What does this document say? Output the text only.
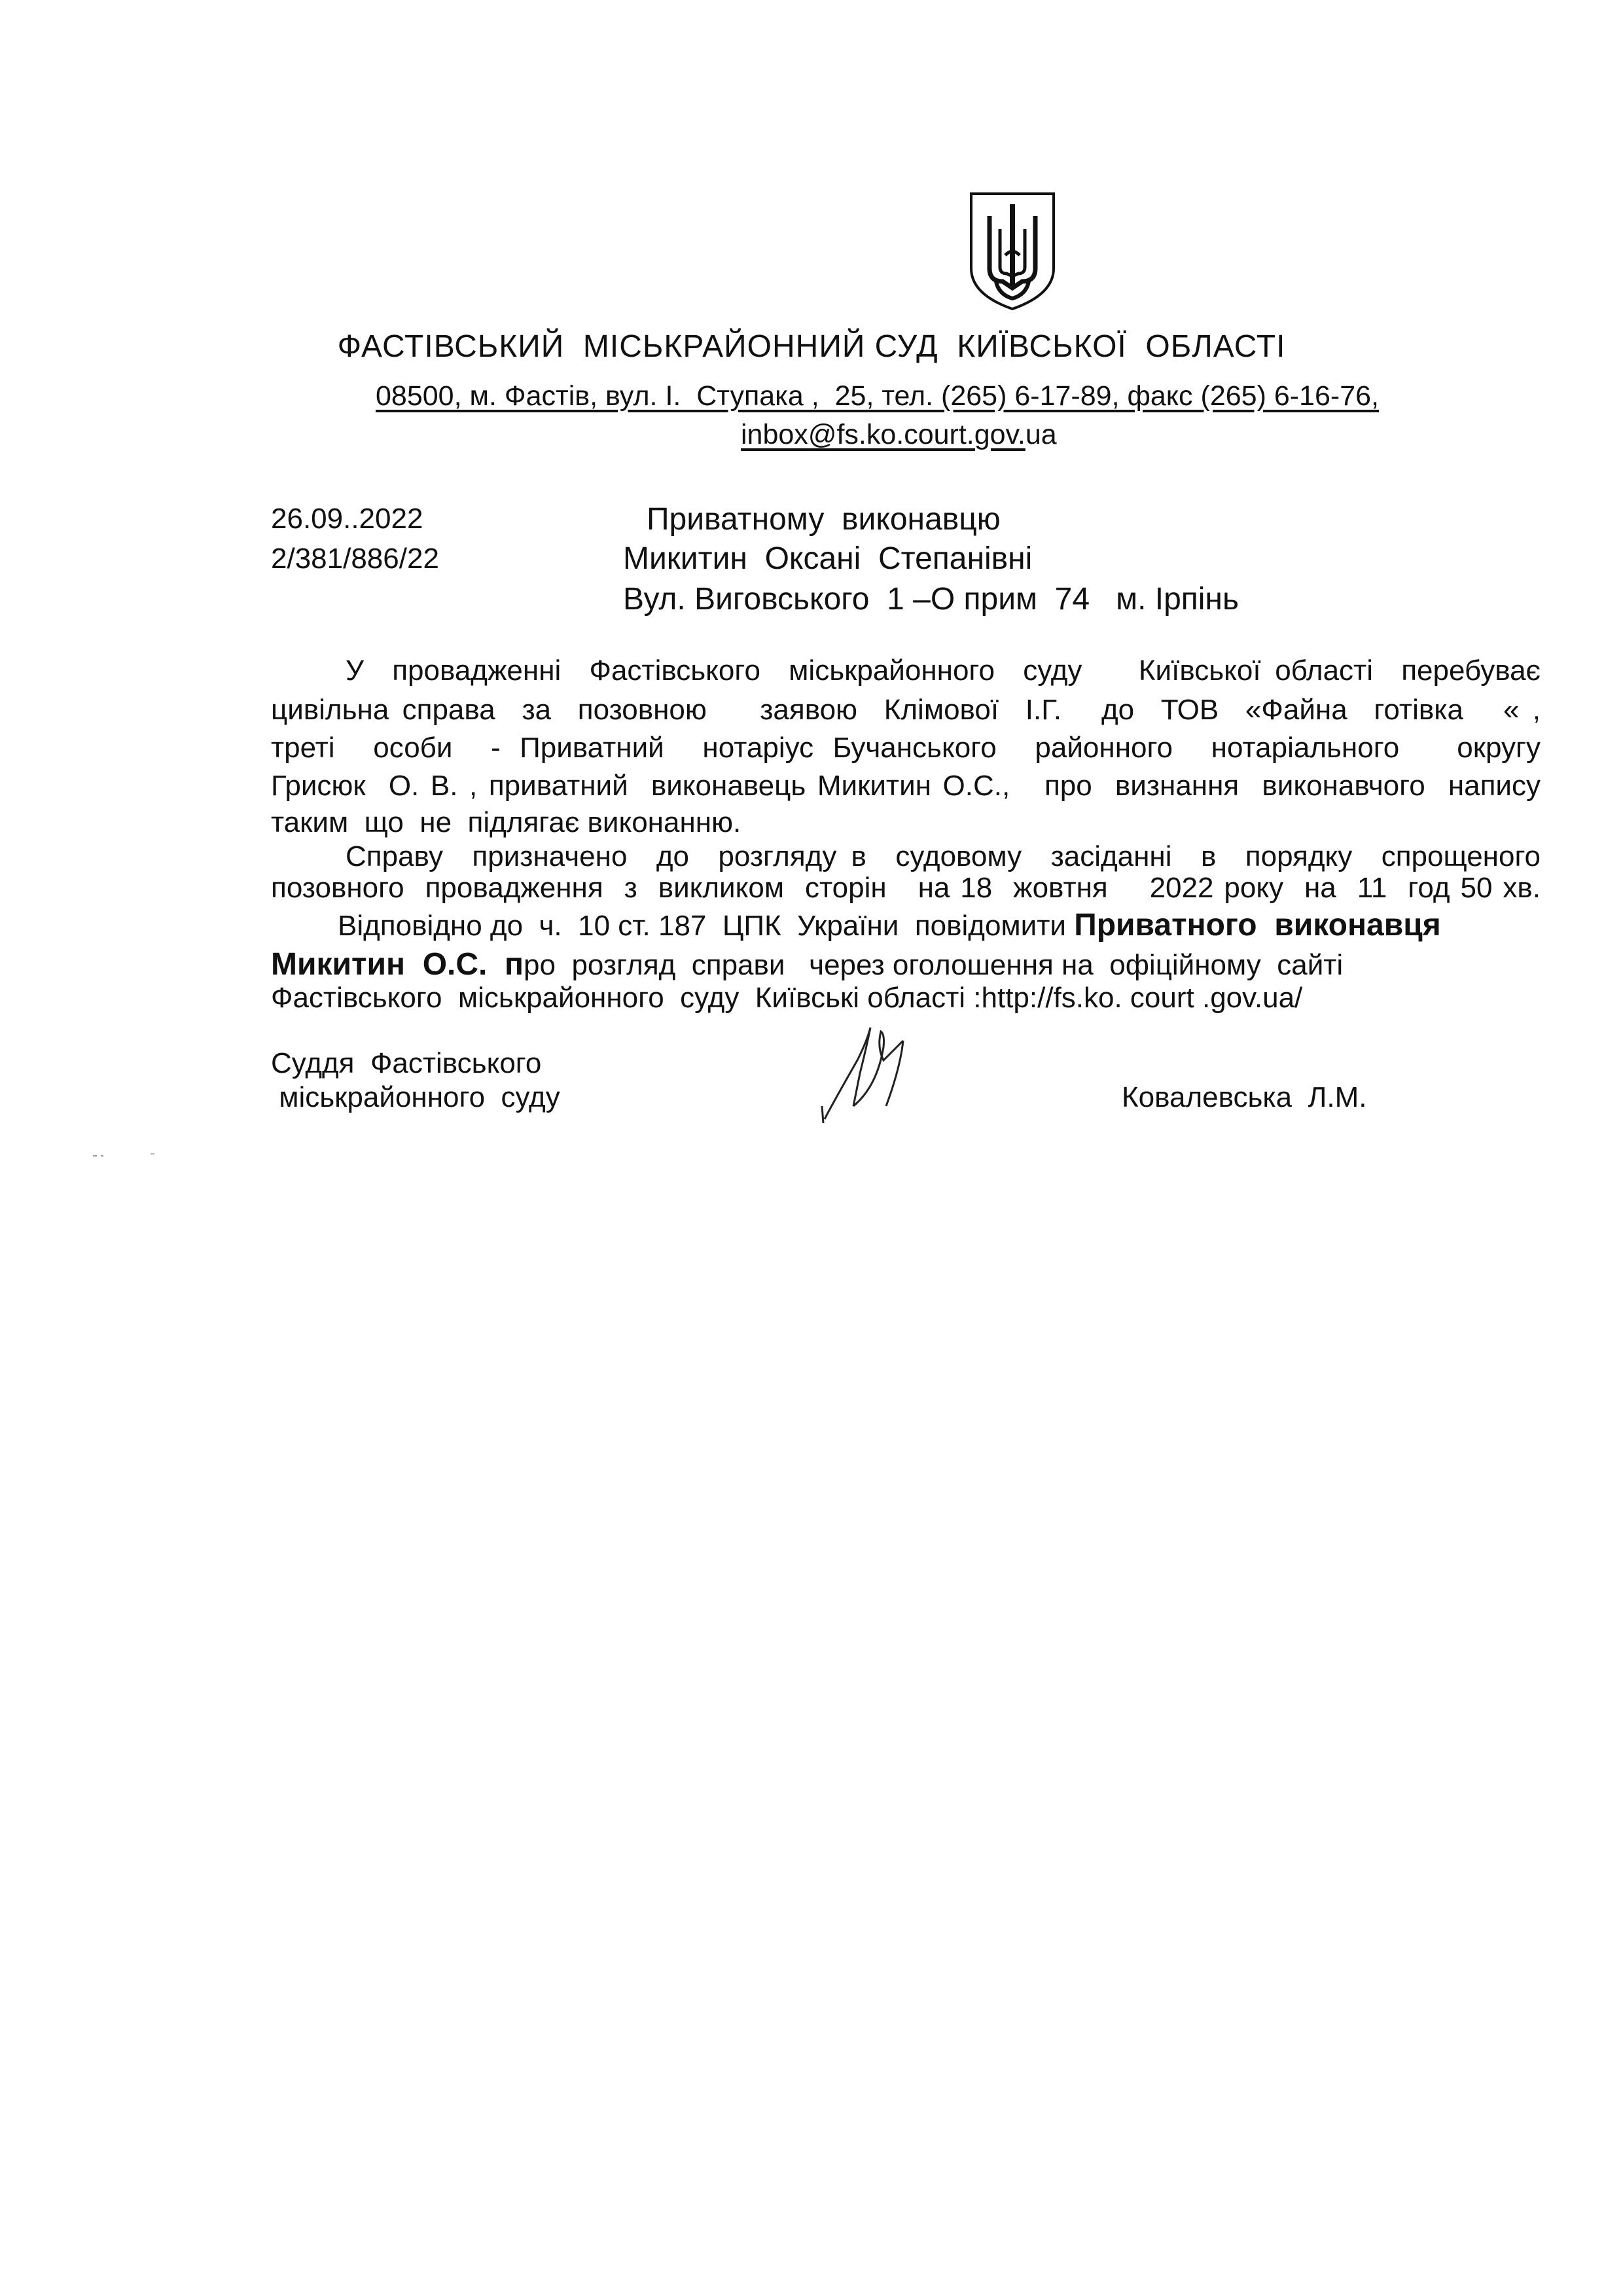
ФАСТІВСЬКИЙ  МІСЬКРАЙОННИЙ СУД  КИЇВСЬКОЇ  ОБЛАСТІ
08500, м. Фастів, вул. І.  Ступака ,  25, тел. (265) 6-17-89, факс (265) 6-16-76,
inbox@fs.ko.court.gov.ua
26.09..2022
2/381/886/22
Приватному  виконавцю
Микитин  Оксані  Степанівні
Вул. Виговського  1 –О прим  74   м. Ірпінь
У  провадженні  Фастівського  міськрайонного  суду    Київської області  перебуває
цивільна справа  за  позовною    заявою  Клімової  І.Г.   до  ТОВ  «Файна  готівка   « ,
треті  особи  - Приватний  нотаріус Бучанського  районного  нотаріального   округу
Грисюк  О. В. , приватний  виконавець Микитин О.С.,   про  визнання  виконавчого  напису
таким  що  не  підлягає виконанню.
Справу  призначено  до  розгляду в  судовому  засіданні  в  порядку  спрощеного
позовного  провадження  з  викликом  сторін   на 18  жовтня    2022 року  на  11  год 50 хв.
Відповідно до  ч.  10 ст. 187  ЦПК  України  повідомити Приватного  виконавця
Микитин  О.С.  про  розгляд  справи   через оголошення на  офіційному  сайті
Фастівського  міськрайонного  суду  Київські області :http://fs.ko. court .gov.ua/
Суддя  Фастівського
міськрайонного  суду	Ковалевська  Л.М.
